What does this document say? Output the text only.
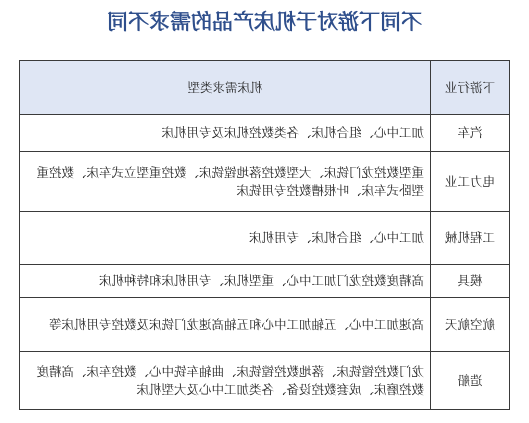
不同下游对于机床产品的需求不同
机床需求类型	下游行业

加工中心、组合机床、各类数控机床及专用机床	汽车

重型数控龙门铣床、大型数控落地镗铣床、数控重型立式车床、数控重型卧式车床、叶根槽数控专用铣床	电力工业

加工中心、组合机床、专用机床	工程机械

高精度数控龙门加工中心、重型机床、专用机床和特种机床	模具

高速加工中心、五轴加工中心和五轴高速龙门铣床及数控专用机床等	航空航天

龙门数控镗铣床、落地数控镗铣床、曲轴车铣中心、数控车床、高精度数控磨床、成套数控设备、各类加工中心及大型机床	造船
